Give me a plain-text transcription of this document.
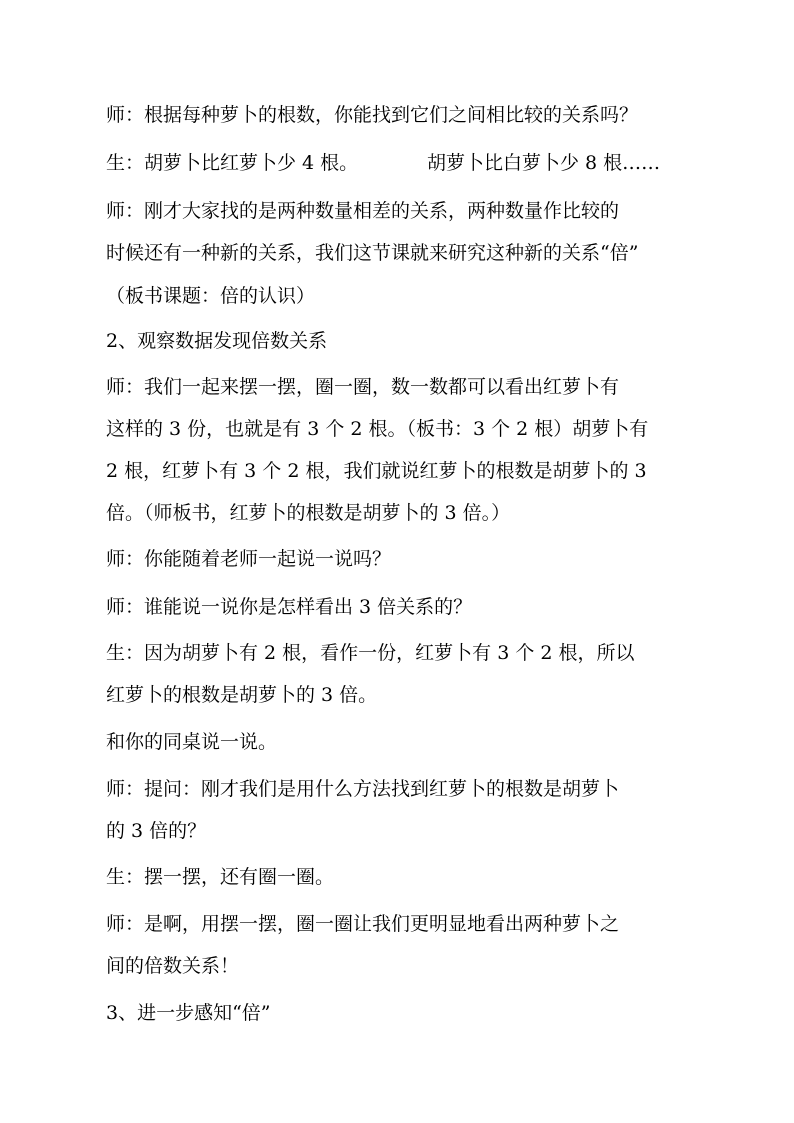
师：根据每种萝卜的根数，你能找到它们之间相比较的关系吗？
生：胡萝卜比红萝卜少 4 根。	胡萝卜比白萝卜少 8 根……
师：刚才大家找的是两种数量相差的关系，两种数量作比较的
时候还有一种新的关系，我们这节课就来研究这种新的关系“倍”
（板书课题：倍的认识）
2、观察数据发现倍数关系
师：我们一起来摆一摆，圈一圈，数一数都可以看出红萝卜有
这样的 3 份，也就是有 3 个 2 根。（板书：3 个 2 根）胡萝卜有
2 根，红萝卜有 3 个 2 根，我们就说红萝卜的根数是胡萝卜的 3
倍。（师板书，红萝卜的根数是胡萝卜的 3 倍。）
师：你能随着老师一起说一说吗？
师：谁能说一说你是怎样看出 3 倍关系的？
生：因为胡萝卜有 2 根，看作一份，红萝卜有 3 个 2 根，所以
红萝卜的根数是胡萝卜的 3 倍。
和你的同桌说一说。
师：提问：刚才我们是用什么方法找到红萝卜的根数是胡萝卜
的 3 倍的？
生：摆一摆，还有圈一圈。
师：是啊，用摆一摆，圈一圈让我们更明显地看出两种萝卜之
间的倍数关系！
3、进一步感知“倍”
